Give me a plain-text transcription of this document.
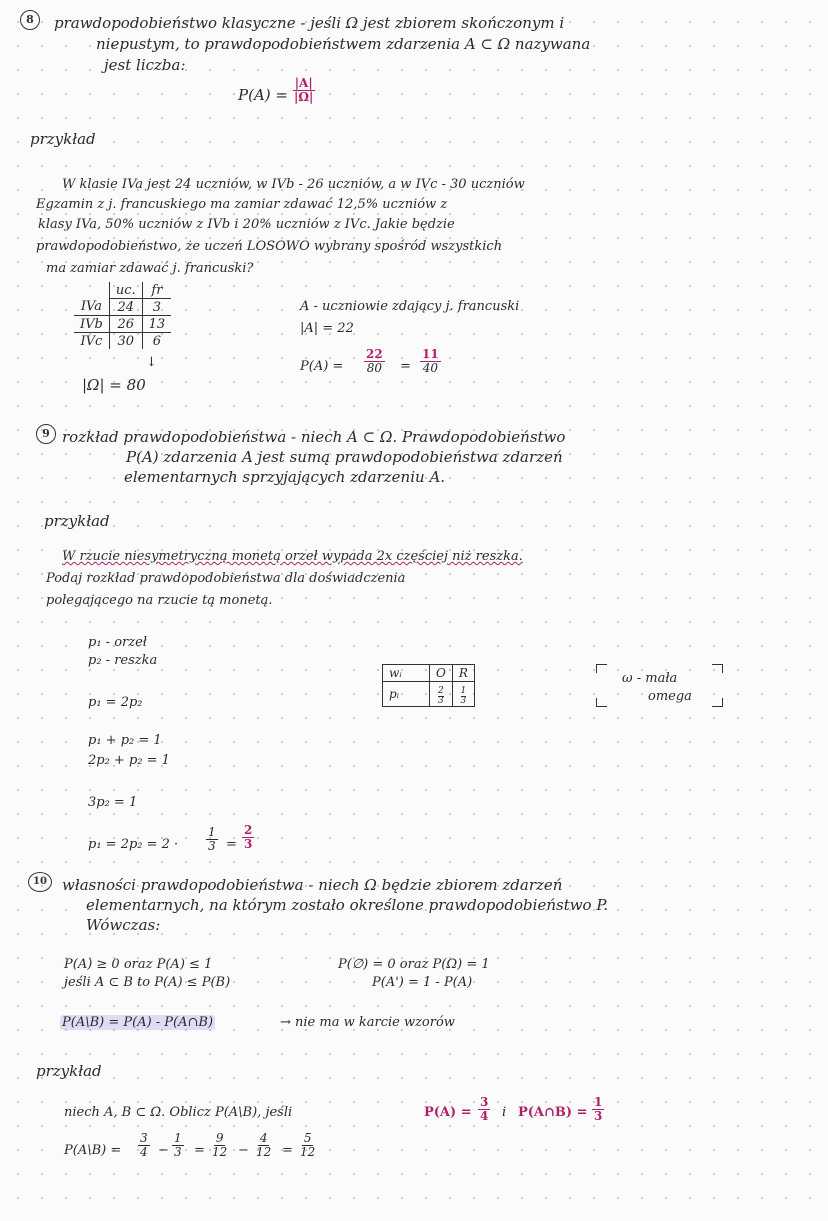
8	prawdopodobieństwo klasyczne - jeśli Ω jest zbiorem skończonym i
niepustym, to prawdopodobieństwem zdarzenia A ⊂ Ω nazywana
jest liczba:
$P(A) = \frac{|A|}{|\Omega|}$
przykład
W klasie IVa jest 24 uczniów, w IVb - 26 uczniów, a w IVc - 30 uczniów
Egzamin z j. francuskiego ma zamiar zdawać 12,5% uczniów z
klasy IVa, 50% uczniów z IVb i 20% uczniów z IVc. Jakie będzie
prawdopodobieństwo, że uczeń LOSOWO wybrany spośród wszystkich
ma zamiar zdawać j. francuski?
	uc.	fr
IVa	24	3
IVb	26	13
IVc	30	6
↓
|Ω| = 80
A - uczniowie zdający j. francuski
|A| = 22
$P(A) = \frac{22}{80} = \frac{11}{40}$
9 rozkład prawdopodobieństwa - niech A ⊂ Ω. Prawdopodobieństwo
P(A) zdarzenia A jest sumą prawdopodobieństwa zdarzeń
elementarnych sprzyjających zdarzeniu A.
przykład
W rzucie niesymetryczną monetą orzeł wypada 2x częściej niż reszka.
Podaj rozkład prawdopodobieństwa dla doświadczenia
polegającego na rzucie tą monetą.
p₁ - orzeł
p₂ - reszka
p₁ = 2p₂
p₁ + p₂ = 1
2p₂ + p₂ = 1
3p₂ = 1
$p_1 = 2p_2 = 2 \cdot \frac{1}{3} = \frac{2}{3}$
wᵢ	O	R
pᵢ	$\frac{2}{3}$	$\frac{1}{3}$
ω - mała
omega
10	własności prawdopodobieństwa - niech Ω będzie zbiorem zdarzeń
elementarnych, na którym zostało określone prawdopodobieństwo P.
Wówczas:
P(A) ≥ 0 oraz P(A) ≤ 1	P(∅) = 0 oraz P(Ω) = 1
jeśli A ⊂ B to P(A) ≤ P(B)	P(A') = 1 - P(A)
P(A\B) = P(A) - P(A∩B)	→ nie ma w karcie wzorów
przykład
niech A, B ⊂ Ω. Oblicz P(A\B), jeśli	$P(A) = \frac{3}{4}$ i P(A∩B) = $\frac{1}{3}$
P(A\B) = $\frac{3}{4} - \frac{1}{3} = \frac{9}{12} - \frac{4}{12} = \frac{5}{12}$
